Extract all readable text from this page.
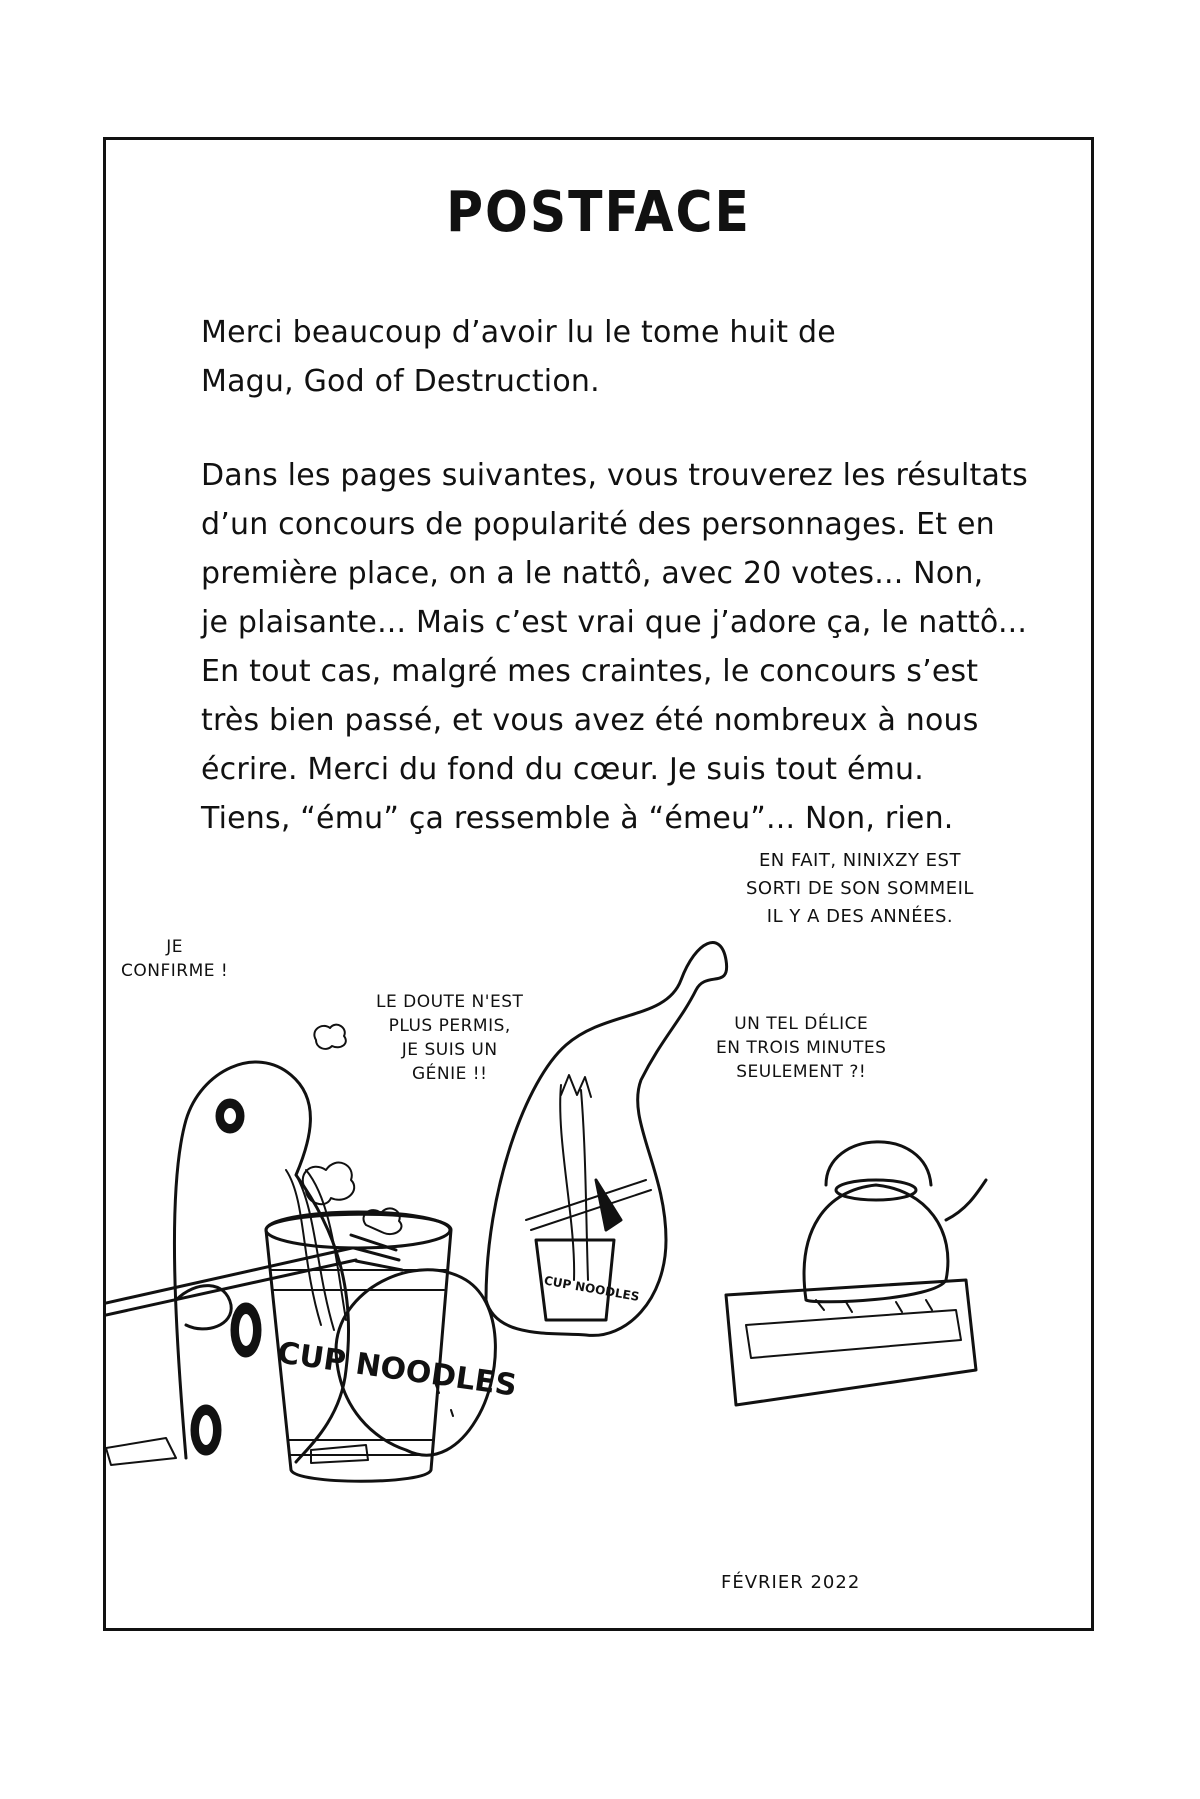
POSTFACE
Merci beaucoup d’avoir lu le tome huit de
Magu, God of Destruction.
Dans les pages suivantes, vous trouverez les résultats
d’un concours de popularité des personnages. Et en
première place, on a le nattô, avec 20 votes... Non,
je plaisante... Mais c’est vrai que j’adore ça, le nattô...
En tout cas, malgré mes craintes, le concours s’est
très bien passé, et vous avez été nombreux à nous
écrire. Merci du fond du cœur. Je suis tout ému.
Tiens, “ému” ça ressemble à “émeu”... Non, rien.
CUP NOODLES
CUP NOODLES
JE
CONFIRME !
LE DOUTE N'EST
PLUS PERMIS,
JE SUIS UN
GÉNIE !!
EN FAIT, NINIXZY EST
SORTI DE SON SOMMEIL
IL Y A DES ANNÉES.
UN TEL DÉLICE
EN TROIS MINUTES
SEULEMENT ?!
FÉVRIER 2022
